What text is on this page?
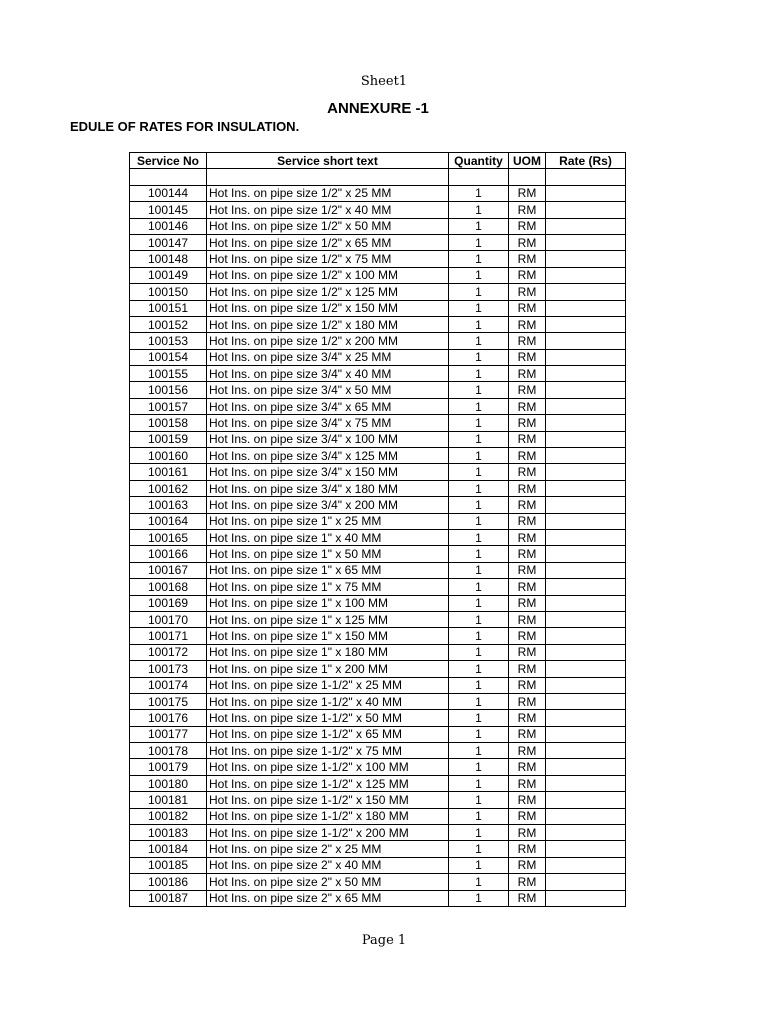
Sheet1
ANNEXURE -1
EDULE OF RATES FOR INSULATION.
Service No	Service short text	Quantity	UOM	Rate (Rs)

100144	Hot Ins. on pipe size 1/2" x 25 MM	1	RM	
100145	Hot Ins. on pipe size 1/2" x 40 MM	1	RM	
100146	Hot Ins. on pipe size 1/2" x 50 MM	1	RM	
100147	Hot Ins. on pipe size 1/2" x 65 MM	1	RM	
100148	Hot Ins. on pipe size 1/2" x 75 MM	1	RM	
100149	Hot Ins. on pipe size 1/2" x 100 MM	1	RM	
100150	Hot Ins. on pipe size 1/2" x 125 MM	1	RM	
100151	Hot Ins. on pipe size 1/2" x 150 MM	1	RM	
100152	Hot Ins. on pipe size 1/2" x 180 MM	1	RM	
100153	Hot Ins. on pipe size 1/2" x 200 MM	1	RM	
100154	Hot Ins. on pipe size 3/4" x 25 MM	1	RM	
100155	Hot Ins. on pipe size 3/4" x 40 MM	1	RM	
100156	Hot Ins. on pipe size 3/4" x 50 MM	1	RM	
100157	Hot Ins. on pipe size 3/4" x 65 MM	1	RM	
100158	Hot Ins. on pipe size 3/4" x 75 MM	1	RM	
100159	Hot Ins. on pipe size 3/4" x 100 MM	1	RM	
100160	Hot Ins. on pipe size 3/4" x 125 MM	1	RM	
100161	Hot Ins. on pipe size 3/4" x 150 MM	1	RM	
100162	Hot Ins. on pipe size 3/4" x 180 MM	1	RM	
100163	Hot Ins. on pipe size 3/4" x 200 MM	1	RM	
100164	Hot Ins. on pipe size 1" x 25 MM	1	RM	
100165	Hot Ins. on pipe size 1" x 40 MM	1	RM	
100166	Hot Ins. on pipe size 1" x 50 MM	1	RM	
100167	Hot Ins. on pipe size 1" x 65 MM	1	RM	
100168	Hot Ins. on pipe size 1" x 75 MM	1	RM	
100169	Hot Ins. on pipe size 1" x 100 MM	1	RM	
100170	Hot Ins. on pipe size 1" x 125 MM	1	RM	
100171	Hot Ins. on pipe size 1" x 150 MM	1	RM	
100172	Hot Ins. on pipe size 1" x 180 MM	1	RM	
100173	Hot Ins. on pipe size 1" x 200 MM	1	RM	
100174	Hot Ins. on pipe size 1-1/2" x 25 MM	1	RM	
100175	Hot Ins. on pipe size 1-1/2" x 40 MM	1	RM	
100176	Hot Ins. on pipe size 1-1/2" x 50 MM	1	RM	
100177	Hot Ins. on pipe size 1-1/2" x 65 MM	1	RM	
100178	Hot Ins. on pipe size 1-1/2" x 75 MM	1	RM	
100179	Hot Ins. on pipe size 1-1/2" x 100 MM	1	RM	
100180	Hot Ins. on pipe size 1-1/2" x 125 MM	1	RM	
100181	Hot Ins. on pipe size 1-1/2" x 150 MM	1	RM	
100182	Hot Ins. on pipe size 1-1/2" x 180 MM	1	RM	
100183	Hot Ins. on pipe size 1-1/2" x 200 MM	1	RM	
100184	Hot Ins. on pipe size 2" x 25 MM	1	RM	
100185	Hot Ins. on pipe size 2" x 40 MM	1	RM	
100186	Hot Ins. on pipe size 2" x 50 MM	1	RM	
100187	Hot Ins. on pipe size 2" x 65 MM	1	RM	
Page 1
